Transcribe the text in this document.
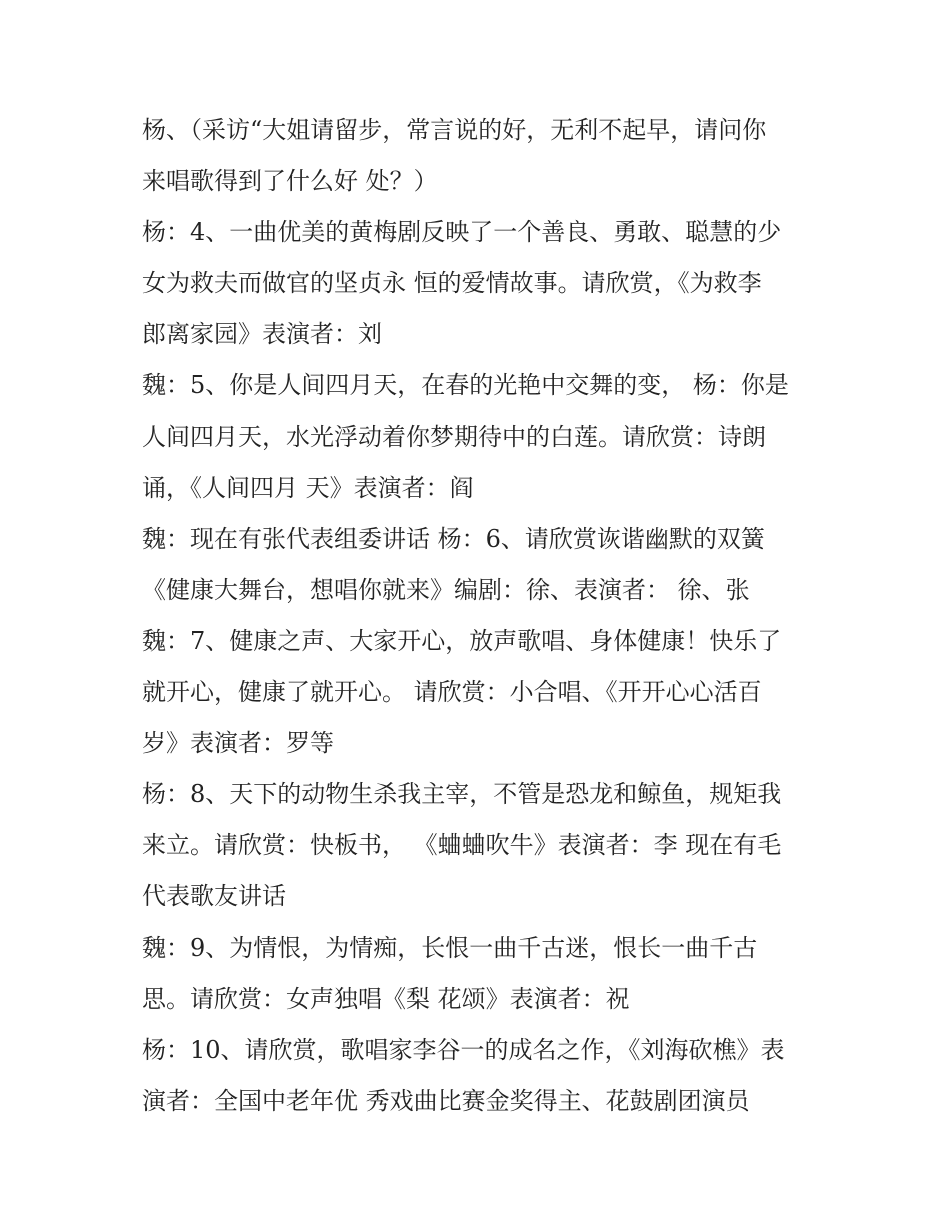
杨、（采访“大姐请留步，常言说的好，无利不起早，请问你
来唱歌得到了什么好 处？）
杨：4、一曲优美的黄梅剧反映了一个善良、勇敢、聪慧的少
女为救夫而做官的坚贞永 恒的爱情故事。请欣赏，《为救李
郎离家园》表演者：刘
魏：5、你是人间四月天，在春的光艳中交舞的变， 杨：你是
人间四月天，水光浮动着你梦期待中的白莲。请欣赏：诗朗
诵，《人间四月 天》表演者：阎
魏：现在有张代表组委讲话 杨：6、请欣赏诙谐幽默的双簧
《健康大舞台，想唱你就来》编剧：徐、表演者： 徐、张
魏：7、健康之声、大家开心，放声歌唱、身体健康！快乐了
就开心，健康了就开心。 请欣赏：小合唱、《开开心心活百
岁》表演者：罗等
杨：8、天下的动物生杀我主宰，不管是恐龙和鲸鱼，规矩我
来立。请欣赏：快板书， 《蛐蛐吹牛》表演者：李 现在有毛
代表歌友讲话
魏：9、为情恨，为情痴，长恨一曲千古迷，恨长一曲千古
思。请欣赏：女声独唱《梨 花颂》表演者：祝
杨：10、请欣赏，歌唱家李谷一的成名之作，《刘海砍樵》表
演者：全国中老年优 秀戏曲比赛金奖得主、花鼓剧团演员
